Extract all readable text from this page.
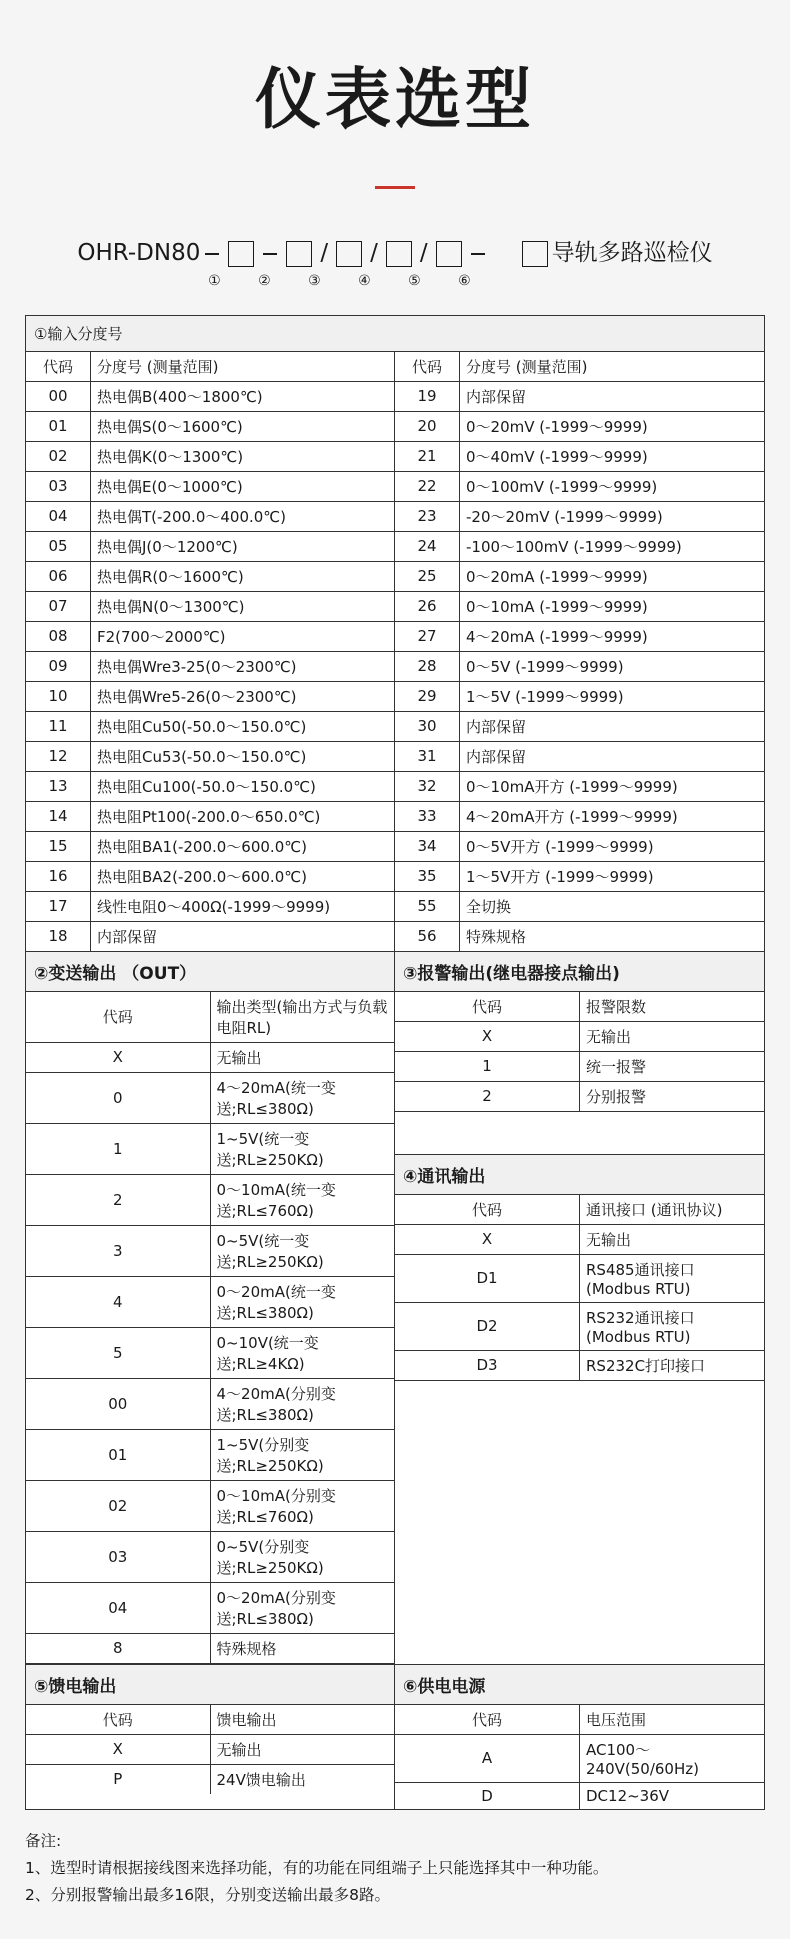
仪表选型
OHR-DN80	/ / /	导轨多路巡检仪
①	②	③	④	⑤	⑥
①输入分度号
代码	分度号 (测量范围)
00	热电偶B(400～1800℃)
01	热电偶S(0～1600℃)
02	热电偶K(0～1300℃)
03	热电偶E(0～1000℃)
04	热电偶T(-200.0～400.0℃)
05	热电偶J(0～1200℃)
06	热电偶R(0～1600℃)
07	热电偶N(0～1300℃)
08	F2(700～2000℃)
09	热电偶Wre3-25(0～2300℃)
10	热电偶Wre5-26(0～2300℃)
11	热电阻Cu50(-50.0～150.0℃)
12	热电阻Cu53(-50.0～150.0℃)
13	热电阻Cu100(-50.0～150.0℃)
14	热电阻Pt100(-200.0～650.0℃)
15	热电阻BA1(-200.0～600.0℃)
16	热电阻BA2(-200.0～600.0℃)
17	线性电阻0～400Ω(-1999～9999)
18	内部保留
代码	分度号 (测量范围)
19	内部保留
20	0～20mV (-1999～9999)
21	0～40mV (-1999～9999)
22	0～100mV (-1999～9999)
23	-20～20mV (-1999～9999)
24	-100～100mV (-1999～9999)
25	0～20mA (-1999～9999)
26	0～10mA (-1999～9999)
27	4～20mA (-1999～9999)
28	0～5V (-1999～9999)
29	1～5V (-1999～9999)
30	内部保留
31	内部保留
32	0～10mA开方 (-1999～9999)
33	4～20mA开方 (-1999～9999)
34	0～5V开方 (-1999～9999)
35	1～5V开方 (-1999～9999)
55	全切换
56	特殊规格
②变送输出 （OUT）	
代码	输出类型(输出方式与负载电阻RL)
X	无输出
0	4～20mA(统一变送;RL≤380Ω)
1	1~5V(统一变送;RL≥250KΩ)
2	0～10mA(统一变送;RL≤760Ω)
3	0~5V(统一变送;RL≥250KΩ)
4	0～20mA(统一变送;RL≤380Ω)
5	0~10V(统一变送;RL≥4KΩ)
00	4～20mA(分别变送;RL≤380Ω)
01	1~5V(分别变送;RL≥250KΩ)
02	0～10mA(分别变送;RL≤760Ω)
03	0~5V(分别变送;RL≥250KΩ)
04	0～20mA(分别变送;RL≤380Ω)
8	特殊规格
③报警输出(继电器接点输出)	
代码	报警限数
X	无输出
1	统一报警
2	分别报警

④通讯输出	
代码	通讯接口 (通讯协议)
X	无输出
D1	RS485通讯接口(Modbus RTU)
D2	RS232通讯接口(Modbus RTU)
D3	RS232C打印接口

⑤馈电输出	
代码	馈电输出
X	无输出
P	24V馈电输出
⑥供电电源	
代码	电压范围
A	AC100～240V(50/60Hz)
D	DC12~36V
备注:
1、选型时请根据接线图来选择功能，有的功能在同组端子上只能选择其中一种功能。
2、分别报警输出最多16限，分别变送输出最多8路。
